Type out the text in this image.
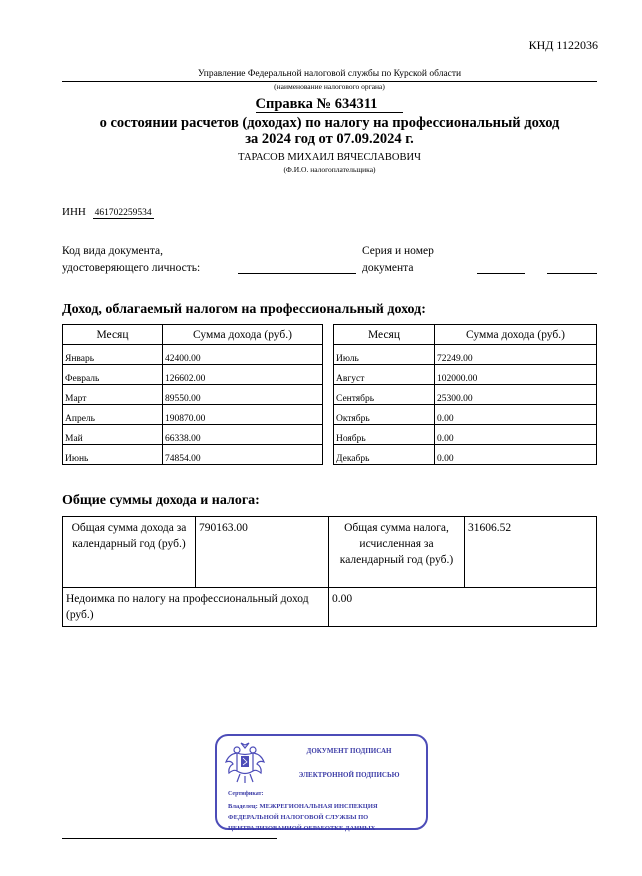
КНД 1122036
Управление Федеральной налоговой службы по Курской области
(наименование налогового органа)
Справка № 634311
о состоянии расчетов (доходах) по налогу на профессиональный доход
за 2024 год от 07.09.2024 г.
ТАРАСОВ МИХАИЛ ВЯЧЕСЛАВОВИЧ
(Ф.И.О. налогоплательщика)
ИНН 461702259534
Код вида документа,
удостоверяющего личность:
Серия и номер
документа
Доход, облагаемый налогом на профессиональный доход:
Месяц	Сумма дохода (руб.)
Январь	42400.00
Февраль	126602.00
Март	89550.00
Апрель	190870.00
Май	66338.00
Июнь	74854.00
Месяц	Сумма дохода (руб.)
Июль	72249.00
Август	102000.00
Сентябрь	25300.00
Октябрь	0.00
Ноябрь	0.00
Декабрь	0.00
Общие суммы дохода и налога:
Общая сумма дохода за календарный год (руб.)	790163.00	Общая сумма налога, исчисленная за календарный год (руб.)	31606.52
Недоимка по налогу на профессиональный доход (руб.)		0.00	
ДОКУМЕНТ ПОДПИСАН
ЭЛЕКТРОННОЙ ПОДПИСЬЮ
Сертификат:
Владелец: МЕЖРЕГИОНАЛЬНАЯ ИНСПЕКЦИЯ ФЕДЕРАЛЬНОЙ НАЛОГОВОЙ СЛУЖБЫ ПО ЦЕНТРАЛИЗОВАННОЙ ОБРАБОТКЕ ДАННЫХ
